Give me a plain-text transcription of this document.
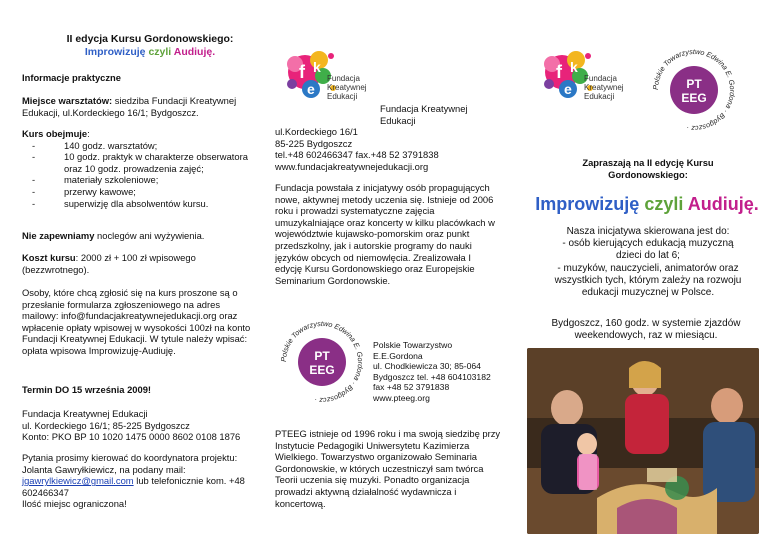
II edycja Kursu Gordonowskiego:
Improwizuję czyli Audiuję.
Informacje praktyczne
Miejsce warsztatów: siedziba Fundacji Kreatywnej Edukacji, ul.Kordeckiego 16/1; Bydgoszcz.
Kurs obejmuje:
- 140 godz. warsztatów;
- 10 godz. praktyk w charakterze obserwatora oraz 10 godz. prowadzenia zajęć;
- materiały szkoleniowe;
- przerwy kawowe;
- superwizję dla absolwentów kursu.
Nie zapewniamy noclegów ani wyżywienia.
Koszt kursu: 2000 zł + 100 zł wpisowego (bezzwrotnego).
Osoby, które chcą zgłosić się na kurs proszone są o przesłanie formularza zgłoszeniowego na adres mailowy: info@fundacjakreatywnejedukacji.org oraz wpłacenie opłaty wpisowej w wysokości 100zł na konto Fundacji Kreatywnej Edukacji. W tytule należy wpisać: opłata wpisowa Improwizuję-Audiuję.
Termin DO 15 września 2009!
Fundacja Kreatywnej Edukacji
ul. Kordeckiego 16/1; 85-225 Bydgoszcz
Konto: PKO BP 10 1020 1475 0000 8602 0108 1876
Pytania prosimy kierować do koordynatora projektu: Jolanta Gawryłkiewicz, na podany mail: jgawrylkiewicz@gmail.com lub telefonicznie kom. +48 602466347
Ilość miejsc ograniczona!
f k
e
Fundacja
Kreatywnej
Edukacji
Fundacja Kreatywnej Edukacji
ul.Kordeckiego 16/1
85-225 Bydgoszcz
tel.+48 602466347 fax.+48 52 3791838
www.fundacjakreatywnejedukacji.org
Fundacja powstała z inicjatywy osób propagujących nowe, aktywnej metody uczenia się. Istnieje od 2006 roku i prowadzi systematyczne zajęcia umuzykalniające oraz koncerty w kilku placówkach w województwie kujawsko-pomorskim oraz punkt przedszkolny, jak i autorskie programy do nauki języków obcych od niemowlęcia. Zrealizowała I edycję Kursu Gordonowskiego oraz Europejskie Seminarium Gordonowskie.
Polskie Towarzystwo Edwina E. Gordona · Bydgoszcz ·
PT
EEG
Polskie Towarzystwo
E.E.Gordona
ul. Chodkiewicza 30; 85-064
Bydgoszcz tel. +48 604103182
fax +48 52 3791838
www.pteeg.org
PTEEG istnieje od 1996 roku i ma swoją siedzibę przy Instytucie Pedagogiki Uniwersytetu Kazimierza Wielkiego. Towarzystwo organizowało Seminaria Gordonowskie, w których uczestniczył sam twórca Teorii uczenia się muzyki. Ponadto organizacja prowadzi aktywną działalność wydawnicza i koncertową.
f k
e
Fundacja
Kreatywnej
Edukacji
Polskie Towarzystwo Edwina E. Gordona · Bydgoszcz ·
PT
EEG
Zapraszają na II edycję Kursu Gordonowskiego:
Improwizuję czyli Audiuję.
Nasza inicjatywa skierowana jest do:
- osób kierujących edukacją muzyczną dzieci do lat 6;
- muzyków, nauczycieli, animatorów oraz wszystkich tych, którym zależy na rozwoju edukacji muzycznej w Polsce.
Bydgoszcz, 160 godz. w systemie zjazdów weekendowych, raz w miesiącu.
